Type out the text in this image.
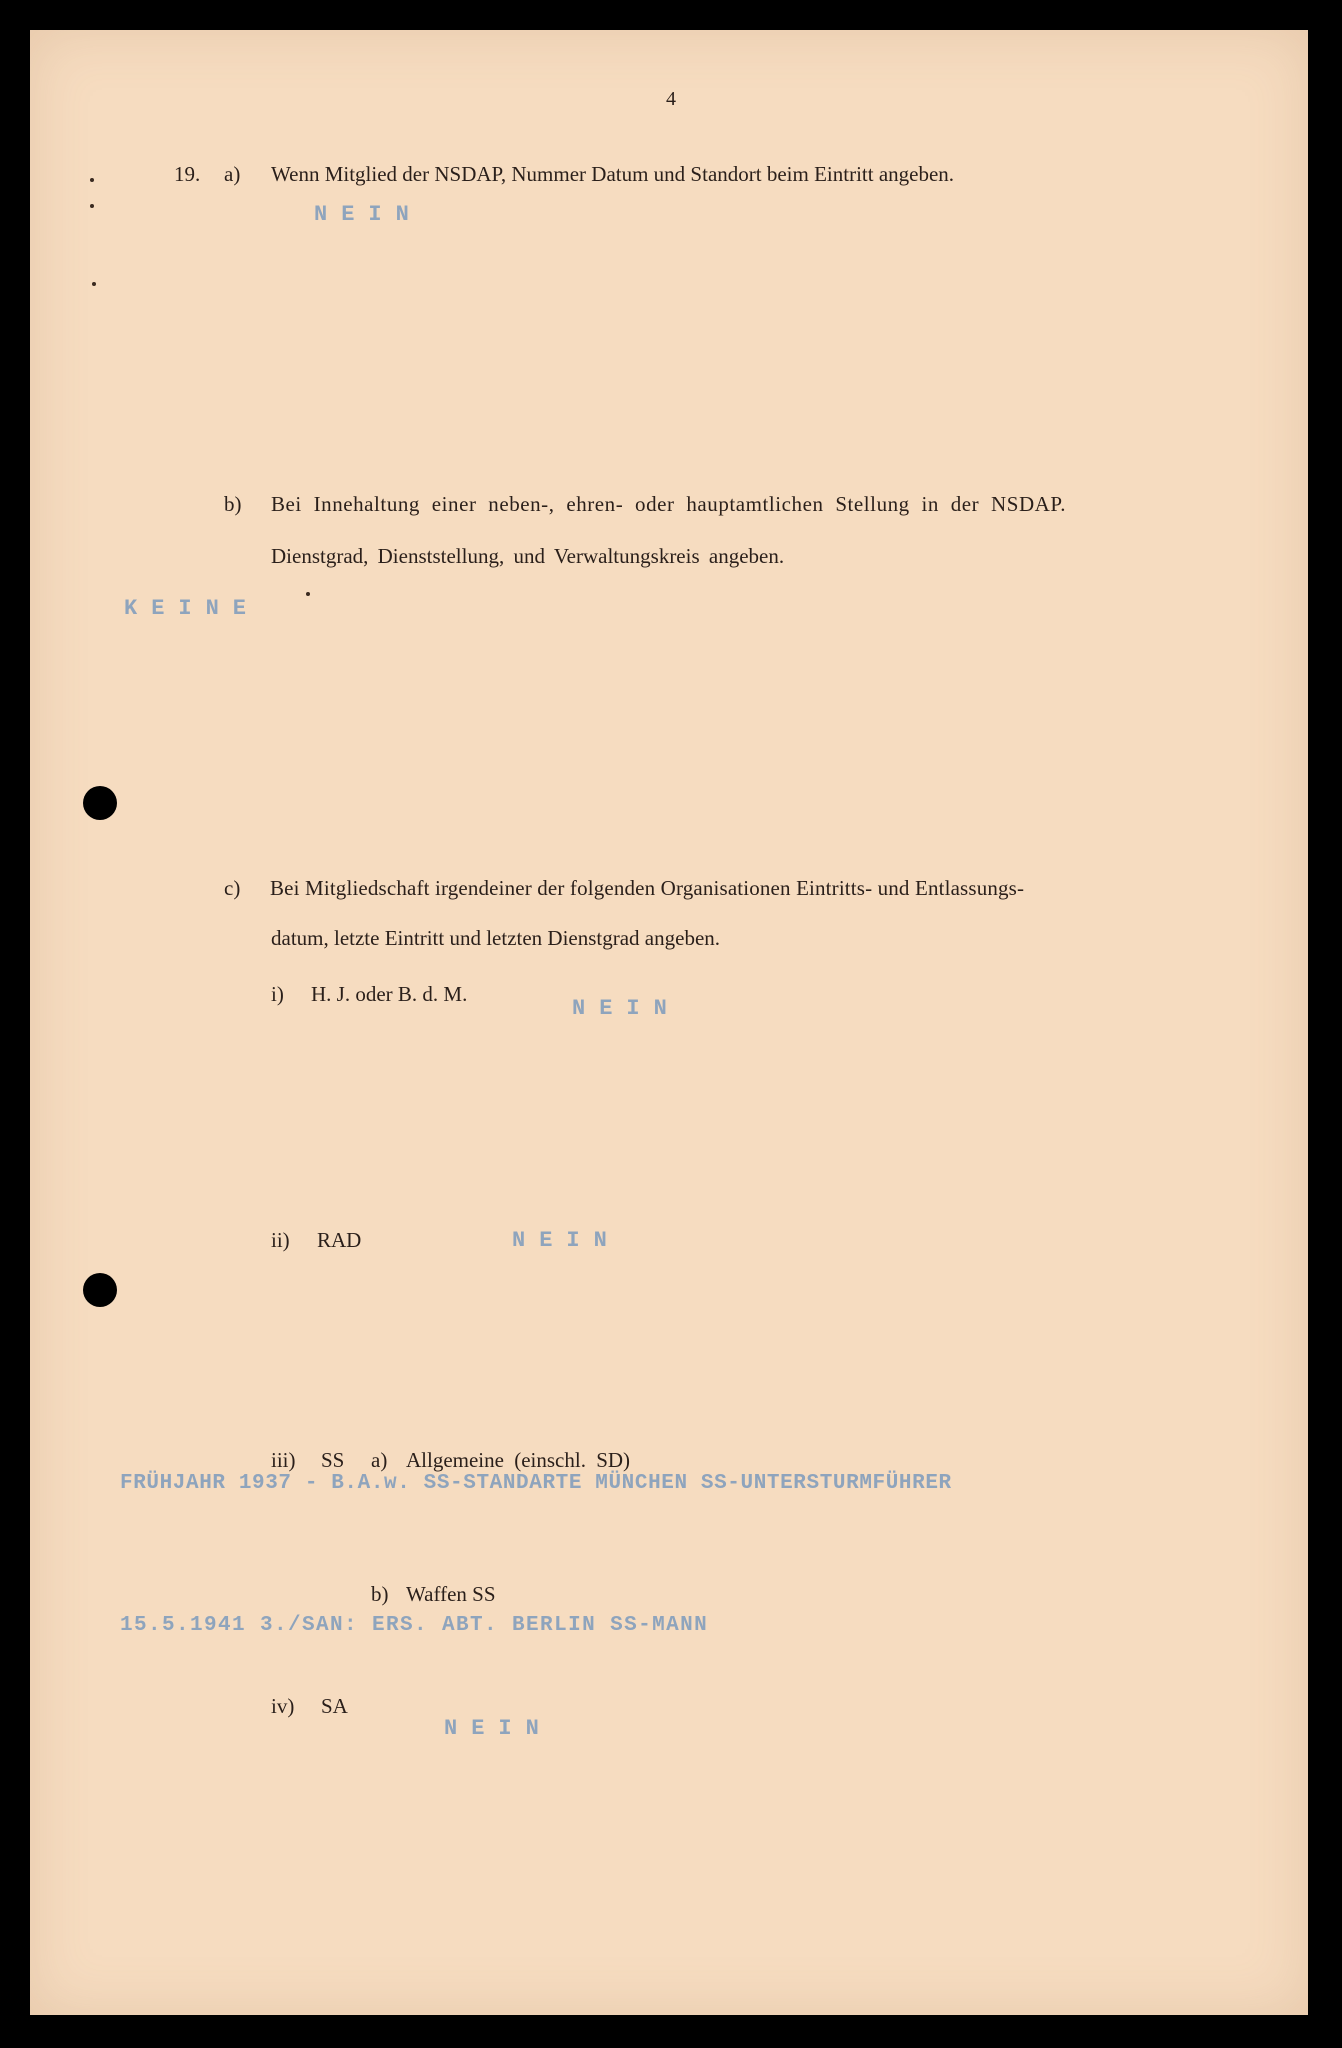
4
19. a) Wenn Mitglied der NSDAP, Nummer Datum und Standort beim Eintritt angeben.
NEIN
b) Bei Innehaltung einer neben-, ehren- oder hauptamtlichen Stellung in der NSDAP.
Dienstgrad, Dienststellung, und Verwaltungskreis angeben.
KEINE
c) Bei Mitgliedschaft irgendeiner der folgenden Organisationen Eintritts- und Entlassungs-
datum, letzte Eintritt und letzten Dienstgrad angeben.
i) H. J. oder B. d. M.
NEIN
ii) RAD	NEIN
iii) SS a) Allgemeine (einschl. SD)
FRÜHJAHR 1937 - B.A.w. SS-STANDARTE MÜNCHEN SS-UNTERSTURMFÜHRER
b) Waffen SS
15.5.1941 3./SAN: ERS. ABT. BERLIN SS-MANN
iv) SA
NEIN
